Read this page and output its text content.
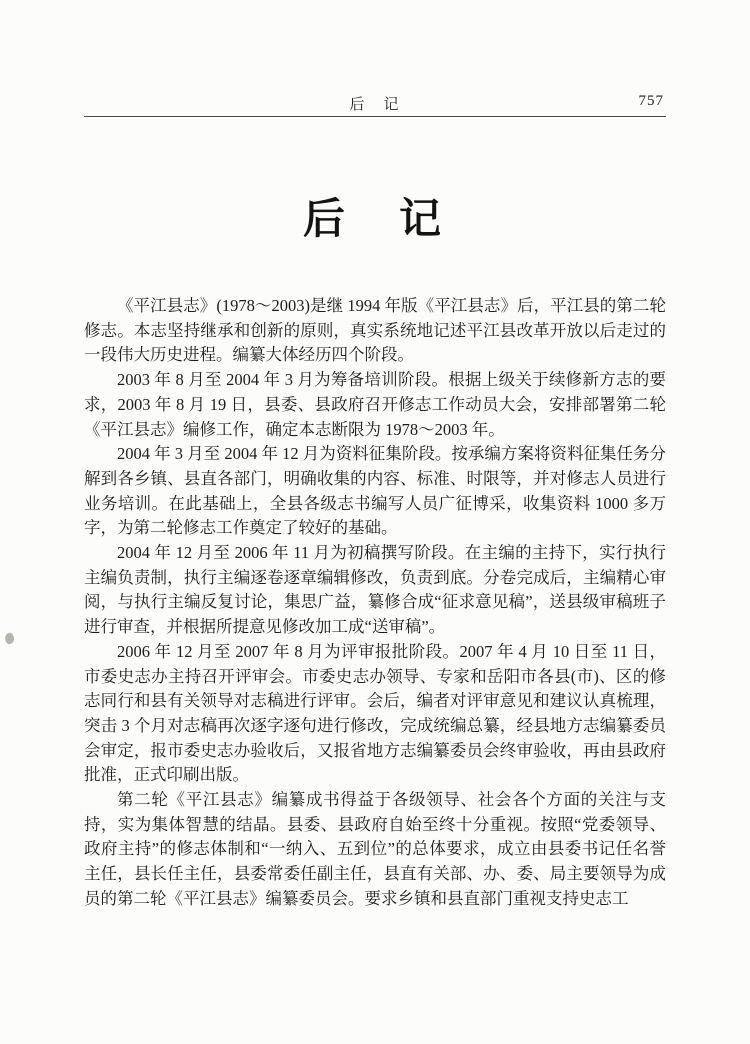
后　记	757
后　记

《平江县志》(1978～2003)是继 1994 年版《平江县志》后，平江县的第二轮修志。本志坚持继承和创新的原则，真实系统地记述平江县改革开放以后走过的一段伟大历史进程。编纂大体经历四个阶段。

2003 年 8 月至 2004 年 3 月为筹备培训阶段。根据上级关于续修新方志的要求，2003 年 8 月 19 日，县委、县政府召开修志工作动员大会，安排部署第二轮《平江县志》编修工作，确定本志断限为 1978～2003 年。

2004 年 3 月至 2004 年 12 月为资料征集阶段。按承编方案将资料征集任务分解到各乡镇、县直各部门，明确收集的内容、标准、时限等，并对修志人员进行业务培训。在此基础上，全县各级志书编写人员广征博采，收集资料 1000 多万字，为第二轮修志工作奠定了较好的基础。

2004 年 12 月至 2006 年 11 月为初稿撰写阶段。在主编的主持下，实行执行主编负责制，执行主编逐卷逐章编辑修改，负责到底。分卷完成后，主编精心审阅，与执行主编反复讨论，集思广益，纂修合成“征求意见稿”，送县级审稿班子进行审查，并根据所提意见修改加工成“送审稿”。

2006 年 12 月至 2007 年 8 月为评审报批阶段。2007 年 4 月 10 日至 11 日，市委史志办主持召开评审会。市委史志办领导、专家和岳阳市各县(市)、区的修志同行和县有关领导对志稿进行评审。会后，编者对评审意见和建议认真梳理，突击 3 个月对志稿再次逐字逐句进行修改，完成统编总纂，经县地方志编纂委员会审定，报市委史志办验收后，又报省地方志编纂委员会终审验收，再由县政府批准，正式印刷出版。

第二轮《平江县志》编纂成书得益于各级领导、社会各个方面的关注与支持，实为集体智慧的结晶。县委、县政府自始至终十分重视。按照“党委领导、政府主持”的修志体制和“一纳入、五到位”的总体要求，成立由县委书记任名誉主任，县长任主任，县委常委任副主任，县直有关部、办、委、局主要领导为成员的第二轮《平江县志》编纂委员会。要求乡镇和县直部门重视支持史志工
